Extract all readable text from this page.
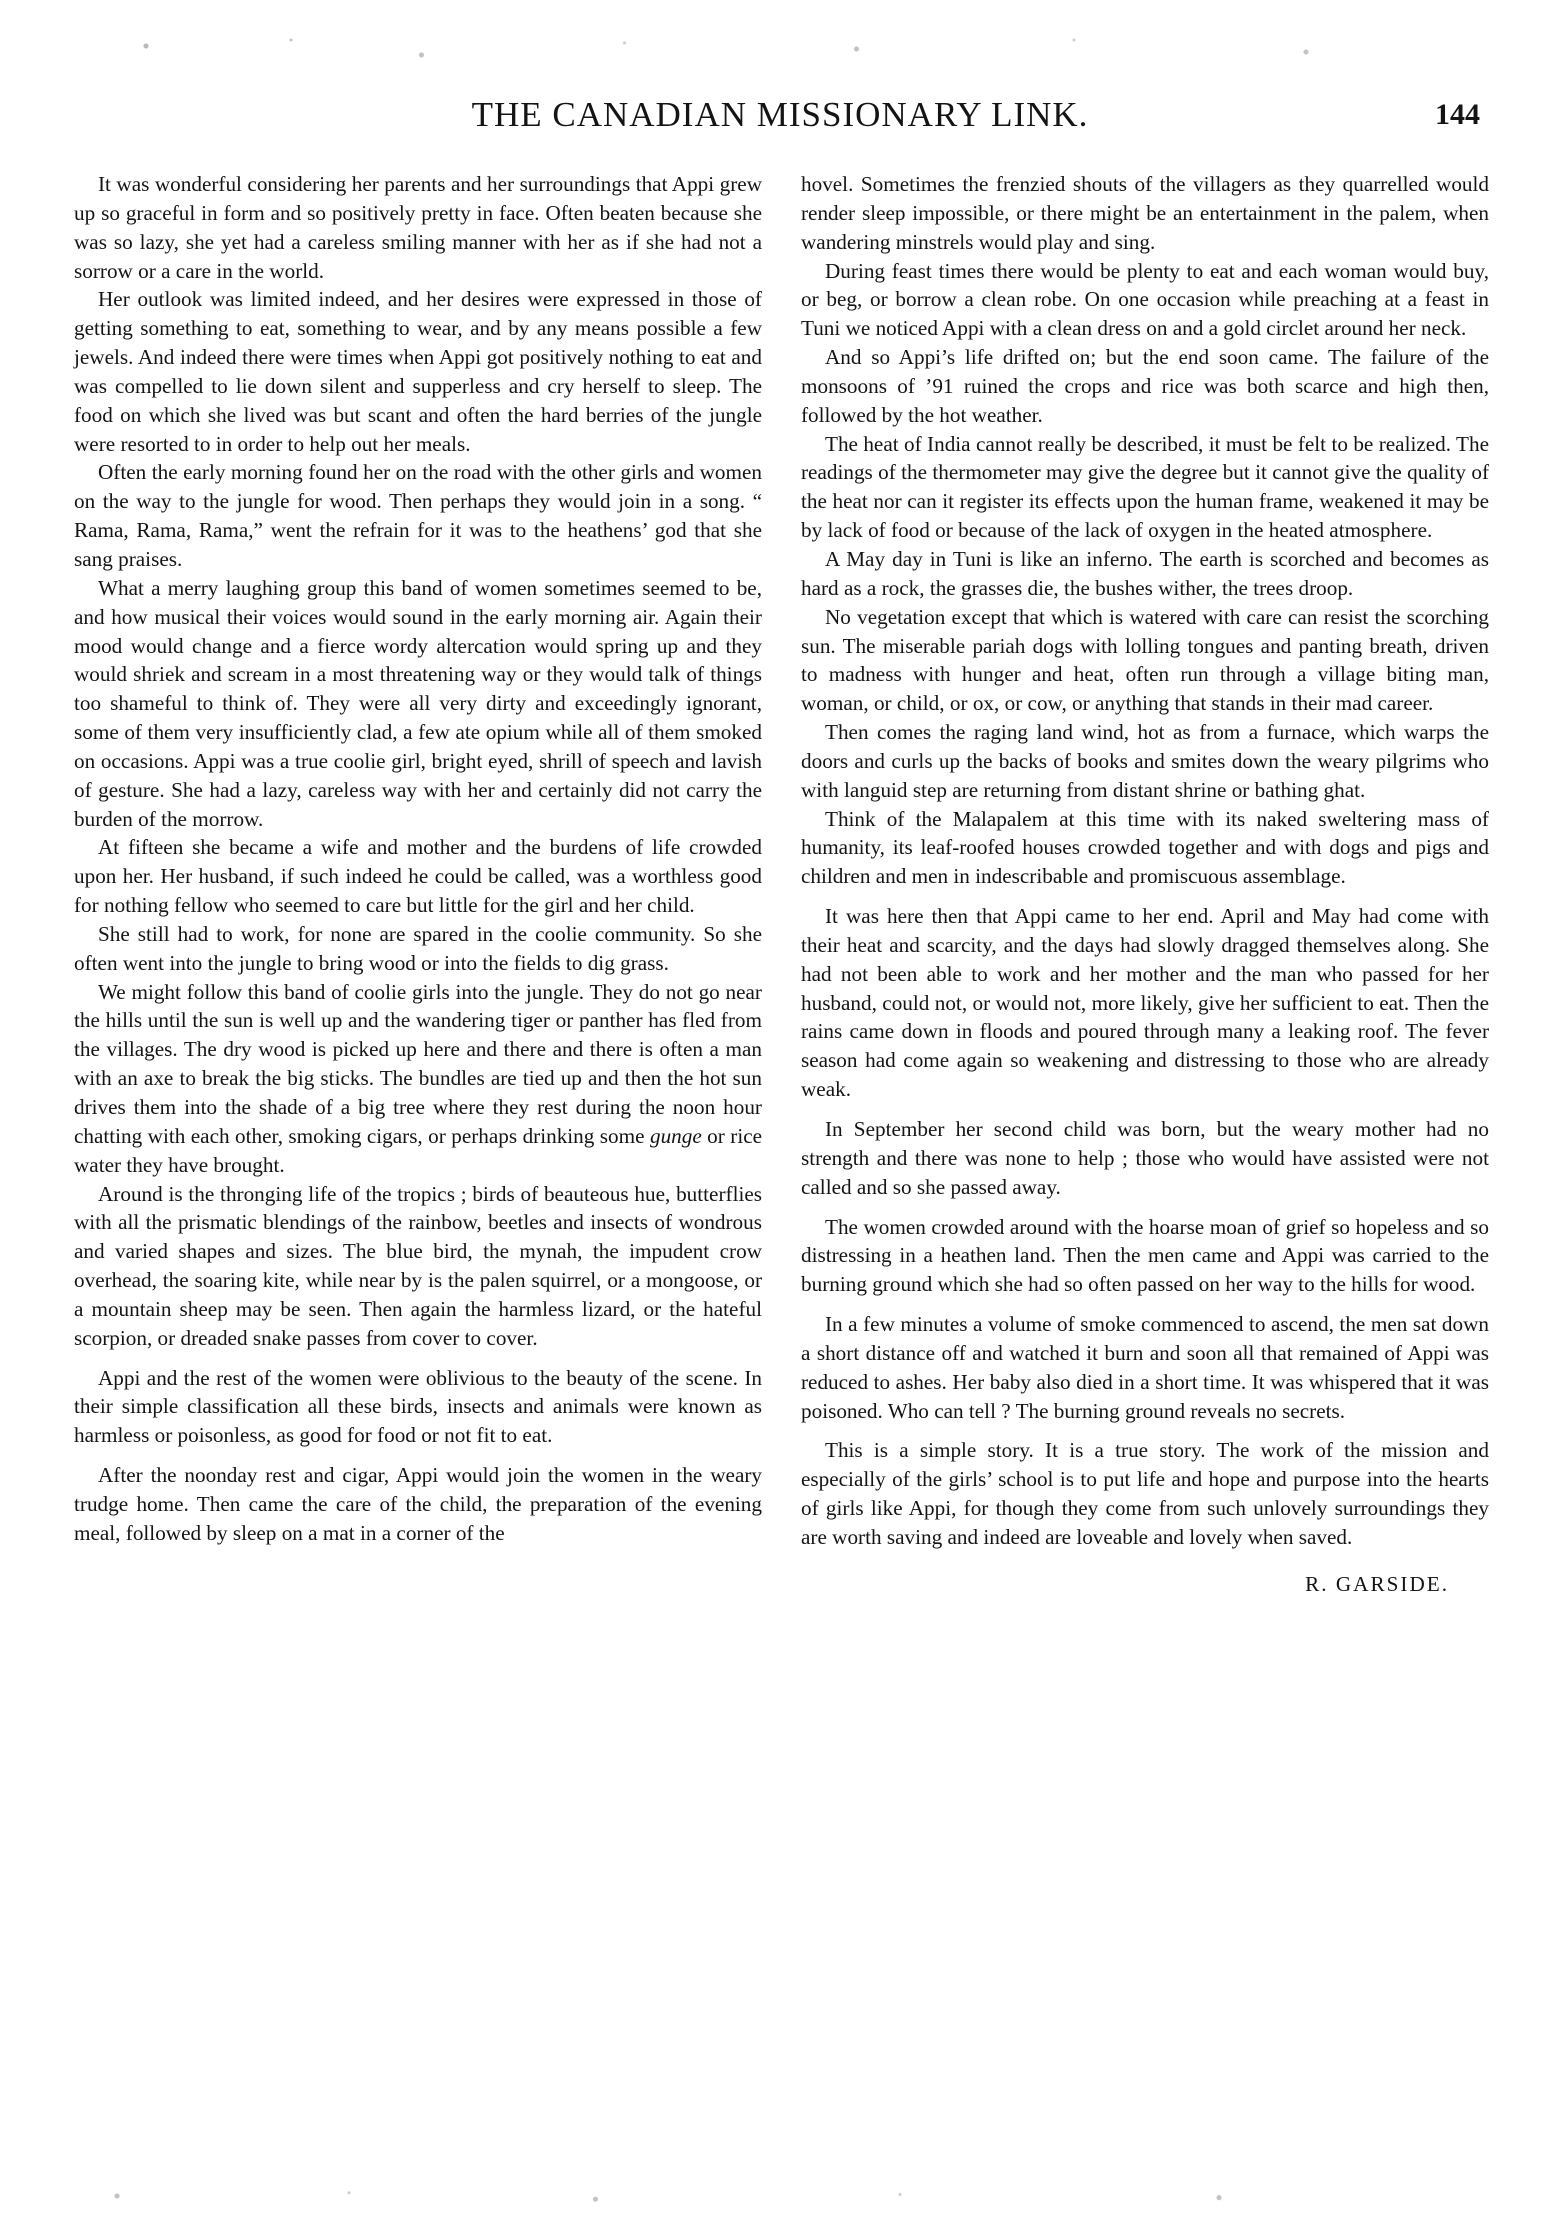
THE CANADIAN MISSIONARY LINK.	144

It was wonderful considering her parents and her surroundings that Appi grew up so graceful in form and so positively pretty in face. Often beaten because she was so lazy, she yet had a careless smiling manner with her as if she had not a sorrow or a care in the world.

Her outlook was limited indeed, and her desires were expressed in those of getting something to eat, something to wear, and by any means possible a few jewels. And indeed there were times when Appi got positively nothing to eat and was compelled to lie down silent and supperless and cry herself to sleep. The food on which she lived was but scant and often the hard berries of the jungle were resorted to in order to help out her meals.

Often the early morning found her on the road with the other girls and women on the way to the jungle for wood. Then perhaps they would join in a song. “ Rama, Rama, Rama,” went the refrain for it was to the heathens’ god that she sang praises.

What a merry laughing group this band of women sometimes seemed to be, and how musical their voices would sound in the early morning air. Again their mood would change and a fierce wordy altercation would spring up and they would shriek and scream in a most threatening way or they would talk of things too shameful to think of. They were all very dirty and exceedingly ignorant, some of them very insufficiently clad, a few ate opium while all of them smoked on occasions. Appi was a true coolie girl, bright eyed, shrill of speech and lavish of gesture. She had a lazy, careless way with her and certainly did not carry the burden of the morrow.

At fifteen she became a wife and mother and the burdens of life crowded upon her. Her husband, if such indeed he could be called, was a worthless good for nothing fellow who seemed to care but little for the girl and her child.

She still had to work, for none are spared in the coolie community. So she often went into the jungle to bring wood or into the fields to dig grass.

We might follow this band of coolie girls into the jungle. They do not go near the hills until the sun is well up and the wandering tiger or panther has fled from the villages. The dry wood is picked up here and there and there is often a man with an axe to break the big sticks. The bundles are tied up and then the hot sun drives them into the shade of a big tree where they rest during the noon hour chatting with each other, smoking cigars, or perhaps drinking some gunge or rice water they have brought.

Around is the thronging life of the tropics ; birds of beauteous hue, butterflies with all the prismatic blendings of the rainbow, beetles and insects of wondrous and varied shapes and sizes. The blue bird, the mynah, the impudent crow overhead, the soaring kite, while near by is the palen squirrel, or a mongoose, or a mountain sheep may be seen. Then again the harmless lizard, or the hateful scorpion, or dreaded snake passes from cover to cover.

Appi and the rest of the women were oblivious to the beauty of the scene. In their simple classification all these birds, insects and animals were known as harmless or poisonless, as good for food or not fit to eat.

After the noonday rest and cigar, Appi would join the women in the weary trudge home. Then came the care of the child, the preparation of the evening meal, followed by sleep on a mat in a corner of the

hovel. Sometimes the frenzied shouts of the villagers as they quarrelled would render sleep impossible, or there might be an entertainment in the palem, when wandering minstrels would play and sing.

During feast times there would be plenty to eat and each woman would buy, or beg, or borrow a clean robe. On one occasion while preaching at a feast in Tuni we noticed Appi with a clean dress on and a gold circlet around her neck.

And so Appi’s life drifted on; but the end soon came. The failure of the monsoons of ’91 ruined the crops and rice was both scarce and high then, followed by the hot weather.

The heat of India cannot really be described, it must be felt to be realized. The readings of the thermometer may give the degree but it cannot give the quality of the heat nor can it register its effects upon the human frame, weakened it may be by lack of food or because of the lack of oxygen in the heated atmosphere.

A May day in Tuni is like an inferno. The earth is scorched and becomes as hard as a rock, the grasses die, the bushes wither, the trees droop.

No vegetation except that which is watered with care can resist the scorching sun. The miserable pariah dogs with lolling tongues and panting breath, driven to madness with hunger and heat, often run through a village biting man, woman, or child, or ox, or cow, or anything that stands in their mad career.

Then comes the raging land wind, hot as from a furnace, which warps the doors and curls up the backs of books and smites down the weary pilgrims who with languid step are returning from distant shrine or bathing ghat.

Think of the Malapalem at this time with its naked sweltering mass of humanity, its leaf-roofed houses crowded together and with dogs and pigs and children and men in indescribable and promiscuous assemblage.

It was here then that Appi came to her end. April and May had come with their heat and scarcity, and the days had slowly dragged themselves along. She had not been able to work and her mother and the man who passed for her husband, could not, or would not, more likely, give her sufficient to eat. Then the rains came down in floods and poured through many a leaking roof. The fever season had come again so weakening and distressing to those who are already weak.

In September her second child was born, but the weary mother had no strength and there was none to help ; those who would have assisted were not called and so she passed away.

The women crowded around with the hoarse moan of grief so hopeless and so distressing in a heathen land. Then the men came and Appi was carried to the burning ground which she had so often passed on her way to the hills for wood.

In a few minutes a volume of smoke commenced to ascend, the men sat down a short distance off and watched it burn and soon all that remained of Appi was reduced to ashes. Her baby also died in a short time. It was whispered that it was poisoned. Who can tell ? The burning ground reveals no secrets.

This is a simple story. It is a true story. The work of the mission and especially of the girls’ school is to put life and hope and purpose into the hearts of girls like Appi, for though they come from such unlovely surroundings they are worth saving and indeed are loveable and lovely when saved.

R. GARSIDE.
